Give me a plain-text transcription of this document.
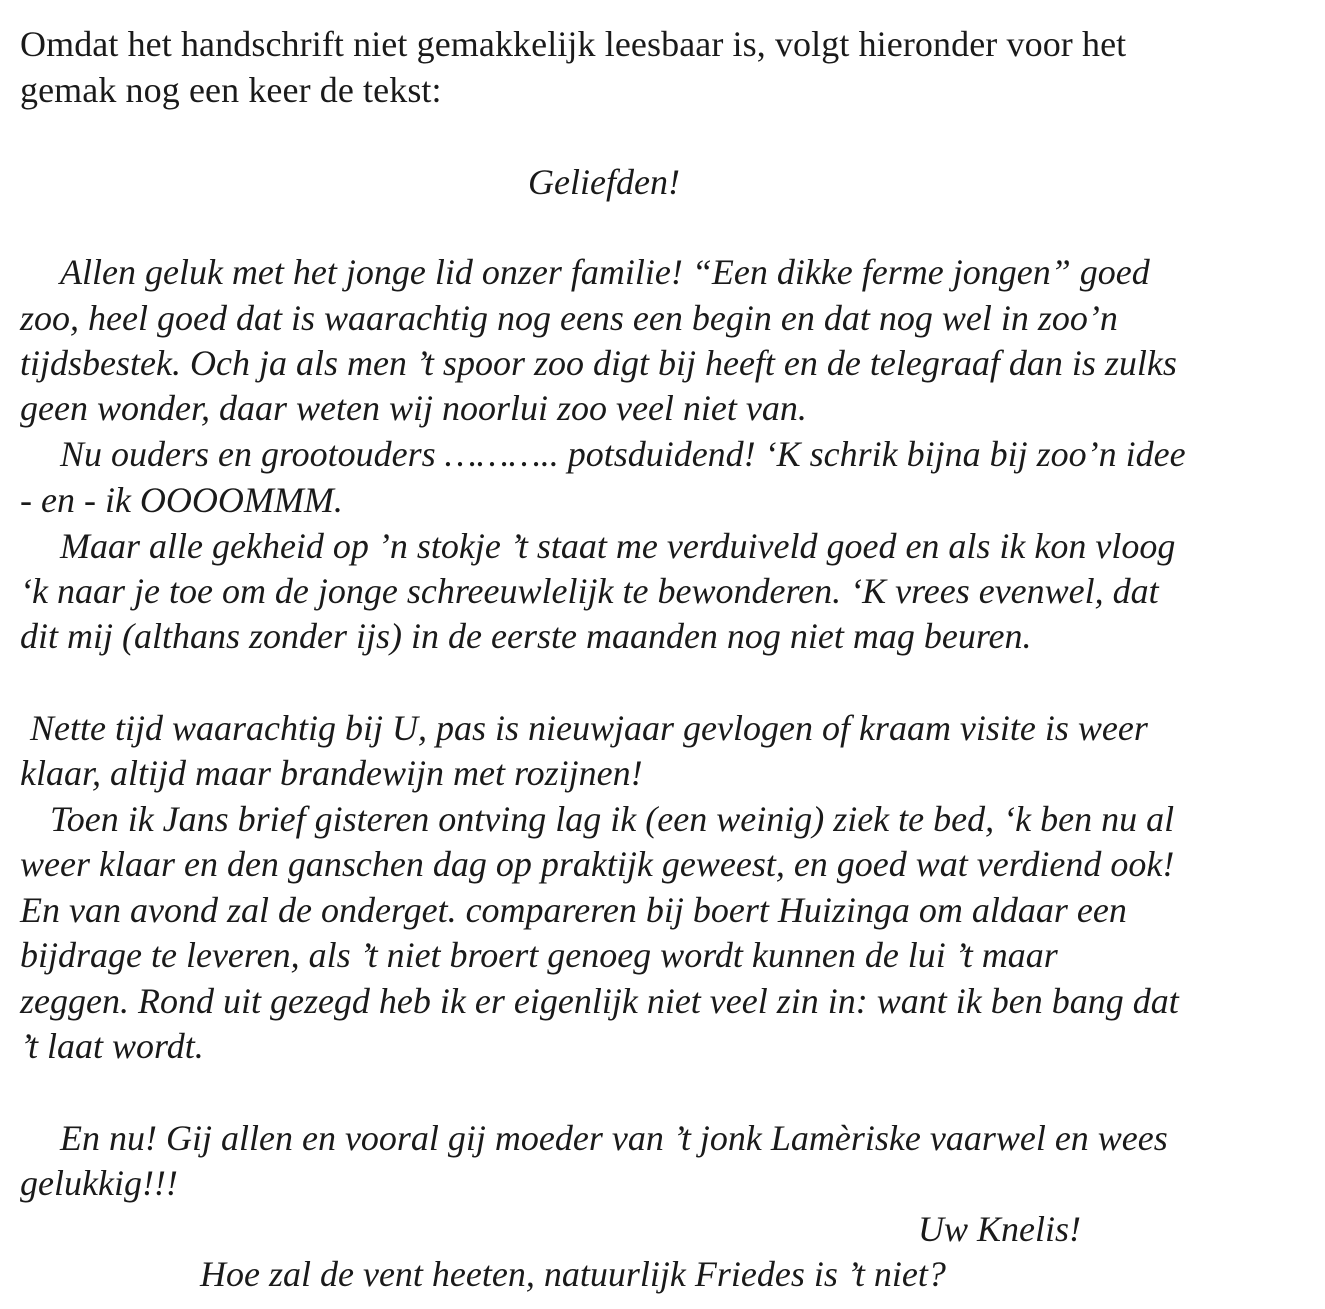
Omdat het handschrift niet gemakkelijk leesbaar is, volgt hieronder voor het

gemak nog een keer de tekst:

Geliefden!

Allen geluk met het jonge lid onzer familie! “Een dikke ferme jongen” goed

zoo, heel goed dat is waarachtig nog eens een begin en dat nog wel in zoo’n

tijdsbestek. Och ja als men ’t spoor zoo digt bij heeft en de telegraaf dan is zulks

geen wonder, daar weten wij noorlui zoo veel niet van.

Nu ouders en grootouders ……….. potsduidend! ‘K schrik bijna bij zoo’n idee

- en - ik OOOOMMM.

Maar alle gekheid op ’n stokje ’t staat me verduiveld goed en als ik kon vloog

‘k naar je toe om de jonge schreeuwlelijk te bewonderen. ‘K vrees evenwel, dat

dit mij (althans zonder ijs) in de eerste maanden nog niet mag beuren.

Nette tijd waarachtig bij U, pas is nieuwjaar gevlogen of kraam visite is weer

klaar, altijd maar brandewijn met rozijnen!

Toen ik Jans brief gisteren ontving lag ik (een weinig) ziek te bed, ‘k ben nu al

weer klaar en den ganschen dag op praktijk geweest, en goed wat verdiend ook!

En van avond zal de onderget. compareren bij boert Huizinga om aldaar een

bijdrage te leveren, als ’t niet broert genoeg wordt kunnen de lui ’t maar

zeggen. Rond uit gezegd heb ik er eigenlijk niet veel zin in: want ik ben bang dat

’t laat wordt.

En nu! Gij allen en vooral gij moeder van ’t jonk Lamèriske vaarwel en wees

gelukkig!!!

Uw Knelis!

Hoe zal de vent heeten, natuurlijk Friedes is ’t niet?
